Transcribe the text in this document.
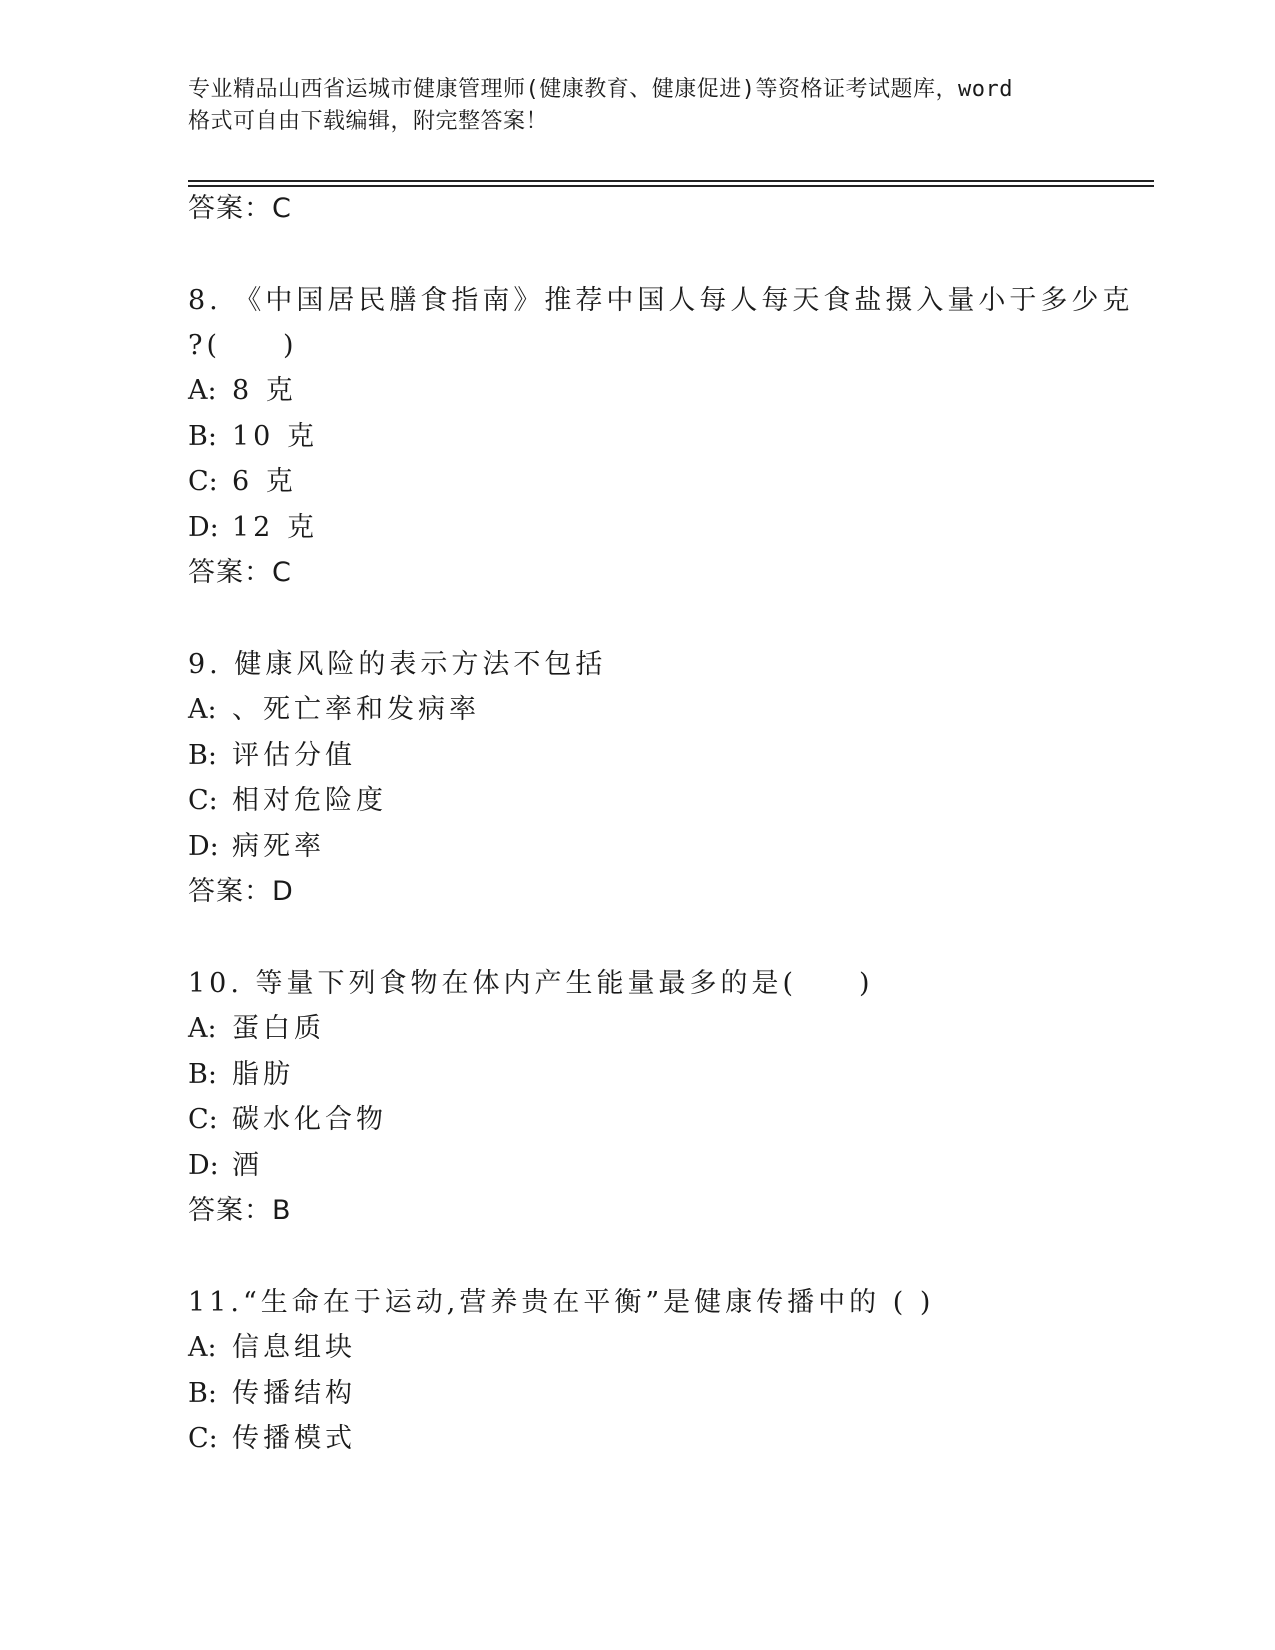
专业精品山西省运城市健康管理师(健康教育、健康促进)等资格证考试题库，word
格式可自由下载编辑，附完整答案！
答案：C
8. 《中国居民膳食指南》推荐中国人每人每天食盐摄入量小于多少克
?(　　)
A: 8 克
B: 10 克
C: 6 克
D: 12 克
答案：C
9. 健康风险的表示方法不包括
A: 、死亡率和发病率
B: 评估分值
C: 相对危险度
D: 病死率
答案：D
10. 等量下列食物在体内产生能量最多的是(　　)
A: 蛋白质
B: 脂肪
C: 碳水化合物
D: 酒
答案：B
11.“生命在于运动,营养贵在平衡”是健康传播中的 ( )
A: 信息组块
B: 传播结构
C: 传播模式
